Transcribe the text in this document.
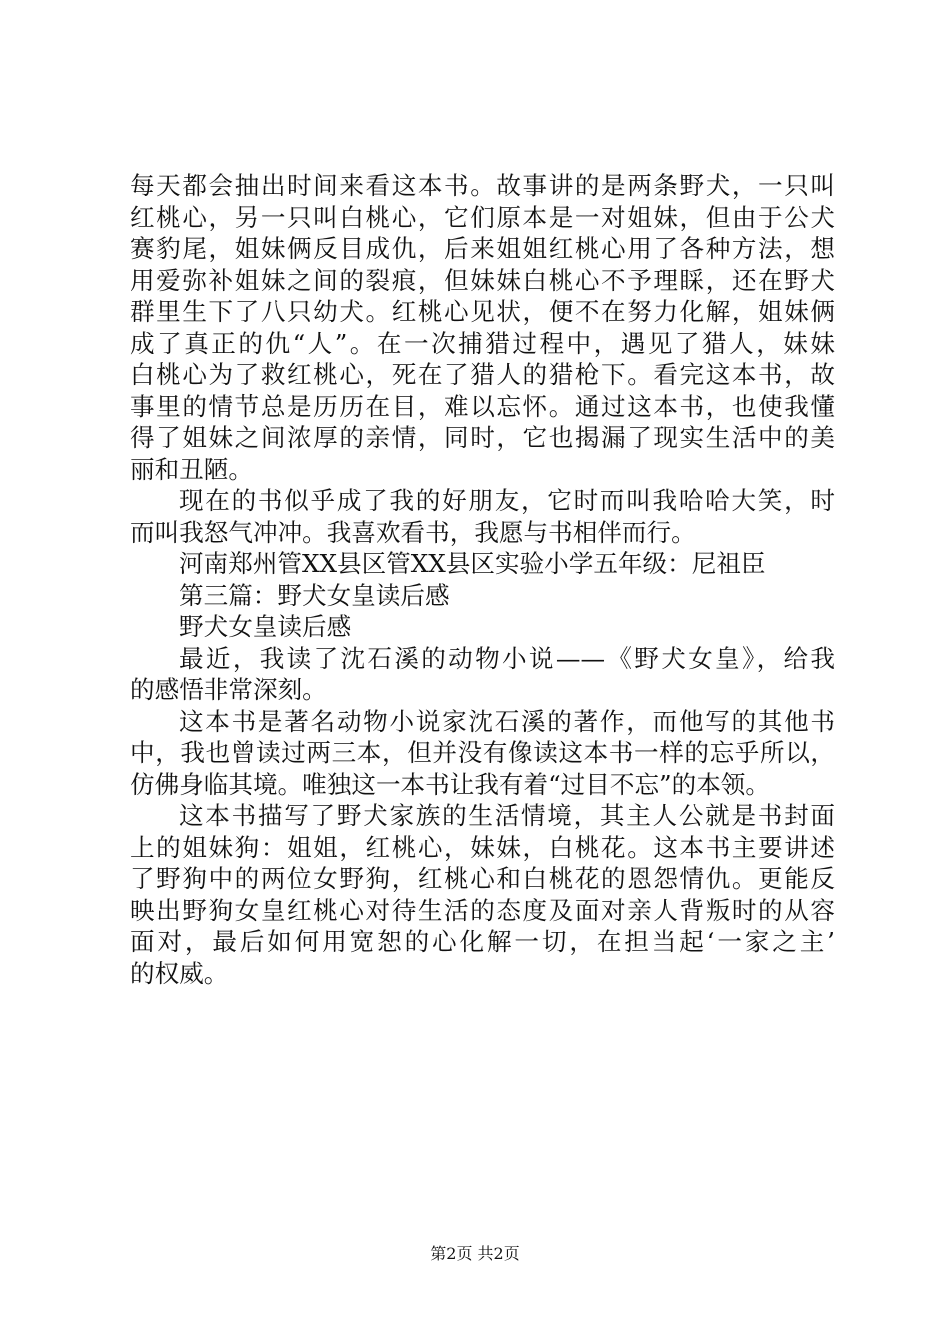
每天都会抽出时间来看这本书。故事讲的是两条野犬，一只叫
红桃心，另一只叫白桃心，它们原本是一对姐妹，但由于公犬
赛豹尾，姐妹俩反目成仇，后来姐姐红桃心用了各种方法，想
用爱弥补姐妹之间的裂痕，但妹妹白桃心不予理睬，还在野犬
群里生下了八只幼犬。红桃心见状，便不在努力化解，姐妹俩
成了真正的仇“人”。在一次捕猎过程中，遇见了猎人，妹妹
白桃心为了救红桃心，死在了猎人的猎枪下。看完这本书，故
事里的情节总是历历在目，难以忘怀。通过这本书，也使我懂
得了姐妹之间浓厚的亲情，同时，它也揭漏了现实生活中的美
丽和丑陋。
现在的书似乎成了我的好朋友，它时而叫我哈哈大笑，时
而叫我怒气冲冲。我喜欢看书，我愿与书相伴而行。
河南郑州管XX县区管XX县区实验小学五年级：尼祖臣
第三篇：野犬女皇读后感
野犬女皇读后感
最近，我读了沈石溪的动物小说——《野犬女皇》，给我
的感悟非常深刻。
这本书是著名动物小说家沈石溪的著作，而他写的其他书
中，我也曾读过两三本，但并没有像读这本书一样的忘乎所以，
仿佛身临其境。唯独这一本书让我有着“过目不忘”的本领。
这本书描写了野犬家族的生活情境，其主人公就是书封面
上的姐妹狗：姐姐，红桃心，妹妹，白桃花。这本书主要讲述
了野狗中的两位女野狗，红桃心和白桃花的恩怨情仇。更能反
映出野狗女皇红桃心对待生活的态度及面对亲人背叛时的从容
面对，最后如何用宽恕的心化解一切，在担当起‘一家之主’
的权威。
第2页 共2页
